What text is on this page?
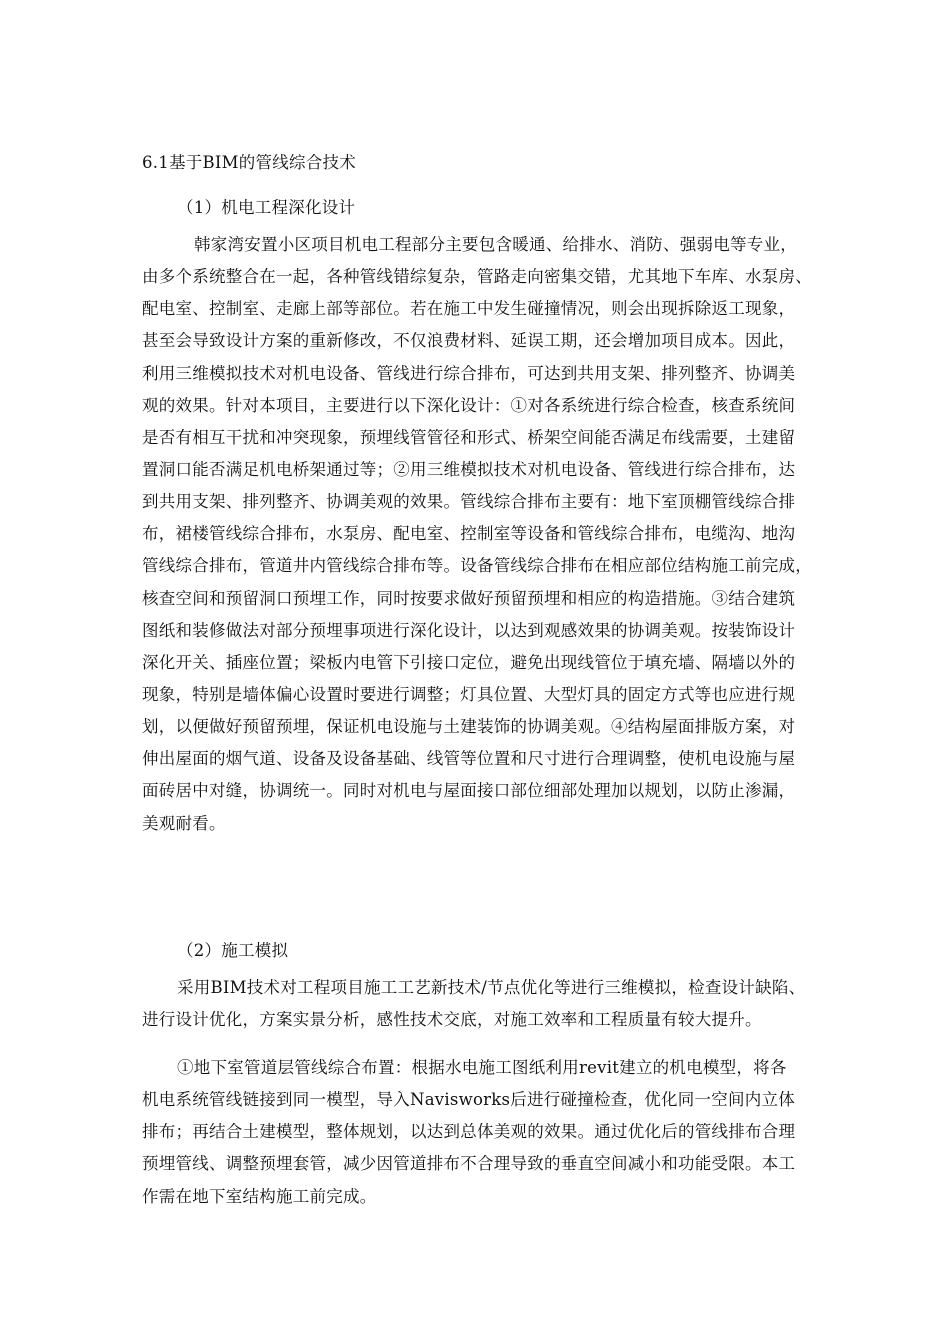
6.1基于BIM的管线综合技术
（1）机电工程深化设计
韩家湾安置小区项目机电工程部分主要包含暖通、给排水、消防、强弱电等专业，
由多个系统整合在一起，各种管线错综复杂，管路走向密集交错，尤其地下车库、水泵房、
配电室、控制室、走廊上部等部位。若在施工中发生碰撞情况，则会出现拆除返工现象，
甚至会导致设计方案的重新修改，不仅浪费材料、延误工期，还会增加项目成本。因此，
利用三维模拟技术对机电设备、管线进行综合排布，可达到共用支架、排列整齐、协调美
观的效果。针对本项目，主要进行以下深化设计：①对各系统进行综合检查，核查系统间
是否有相互干扰和冲突现象，预埋线管管径和形式、桥架空间能否满足布线需要，土建留
置洞口能否满足机电桥架通过等；②用三维模拟技术对机电设备、管线进行综合排布，达
到共用支架、排列整齐、协调美观的效果。管线综合排布主要有：地下室顶棚管线综合排
布，裙楼管线综合排布，水泵房、配电室、控制室等设备和管线综合排布，电缆沟、地沟
管线综合排布，管道井内管线综合排布等。设备管线综合排布在相应部位结构施工前完成，
核查空间和预留洞口预埋工作，同时按要求做好预留预埋和相应的构造措施。③结合建筑
图纸和装修做法对部分预埋事项进行深化设计，以达到观感效果的协调美观。按装饰设计
深化开关、插座位置；梁板内电管下引接口定位，避免出现线管位于填充墙、隔墙以外的
现象，特别是墙体偏心设置时要进行调整；灯具位置、大型灯具的固定方式等也应进行规
划，以便做好预留预埋，保证机电设施与土建装饰的协调美观。④结构屋面排版方案，对
伸出屋面的烟气道、设备及设备基础、线管等位置和尺寸进行合理调整，使机电设施与屋
面砖居中对缝，协调统一。同时对机电与屋面接口部位细部处理加以规划，以防止渗漏，
美观耐看。
（2）施工模拟
采用BIM技术对工程项目施工工艺新技术/节点优化等进行三维模拟，检查设计缺陷、
进行设计优化，方案实景分析，感性技术交底，对施工效率和工程质量有较大提升。
①地下室管道层管线综合布置：根据水电施工图纸利用revit建立的机电模型，将各
机电系统管线链接到同一模型，导入Navisworks后进行碰撞检查，优化同一空间内立体
排布；再结合土建模型，整体规划，以达到总体美观的效果。通过优化后的管线排布合理
预埋管线、调整预埋套管，减少因管道排布不合理导致的垂直空间减小和功能受限。本工
作需在地下室结构施工前完成。
